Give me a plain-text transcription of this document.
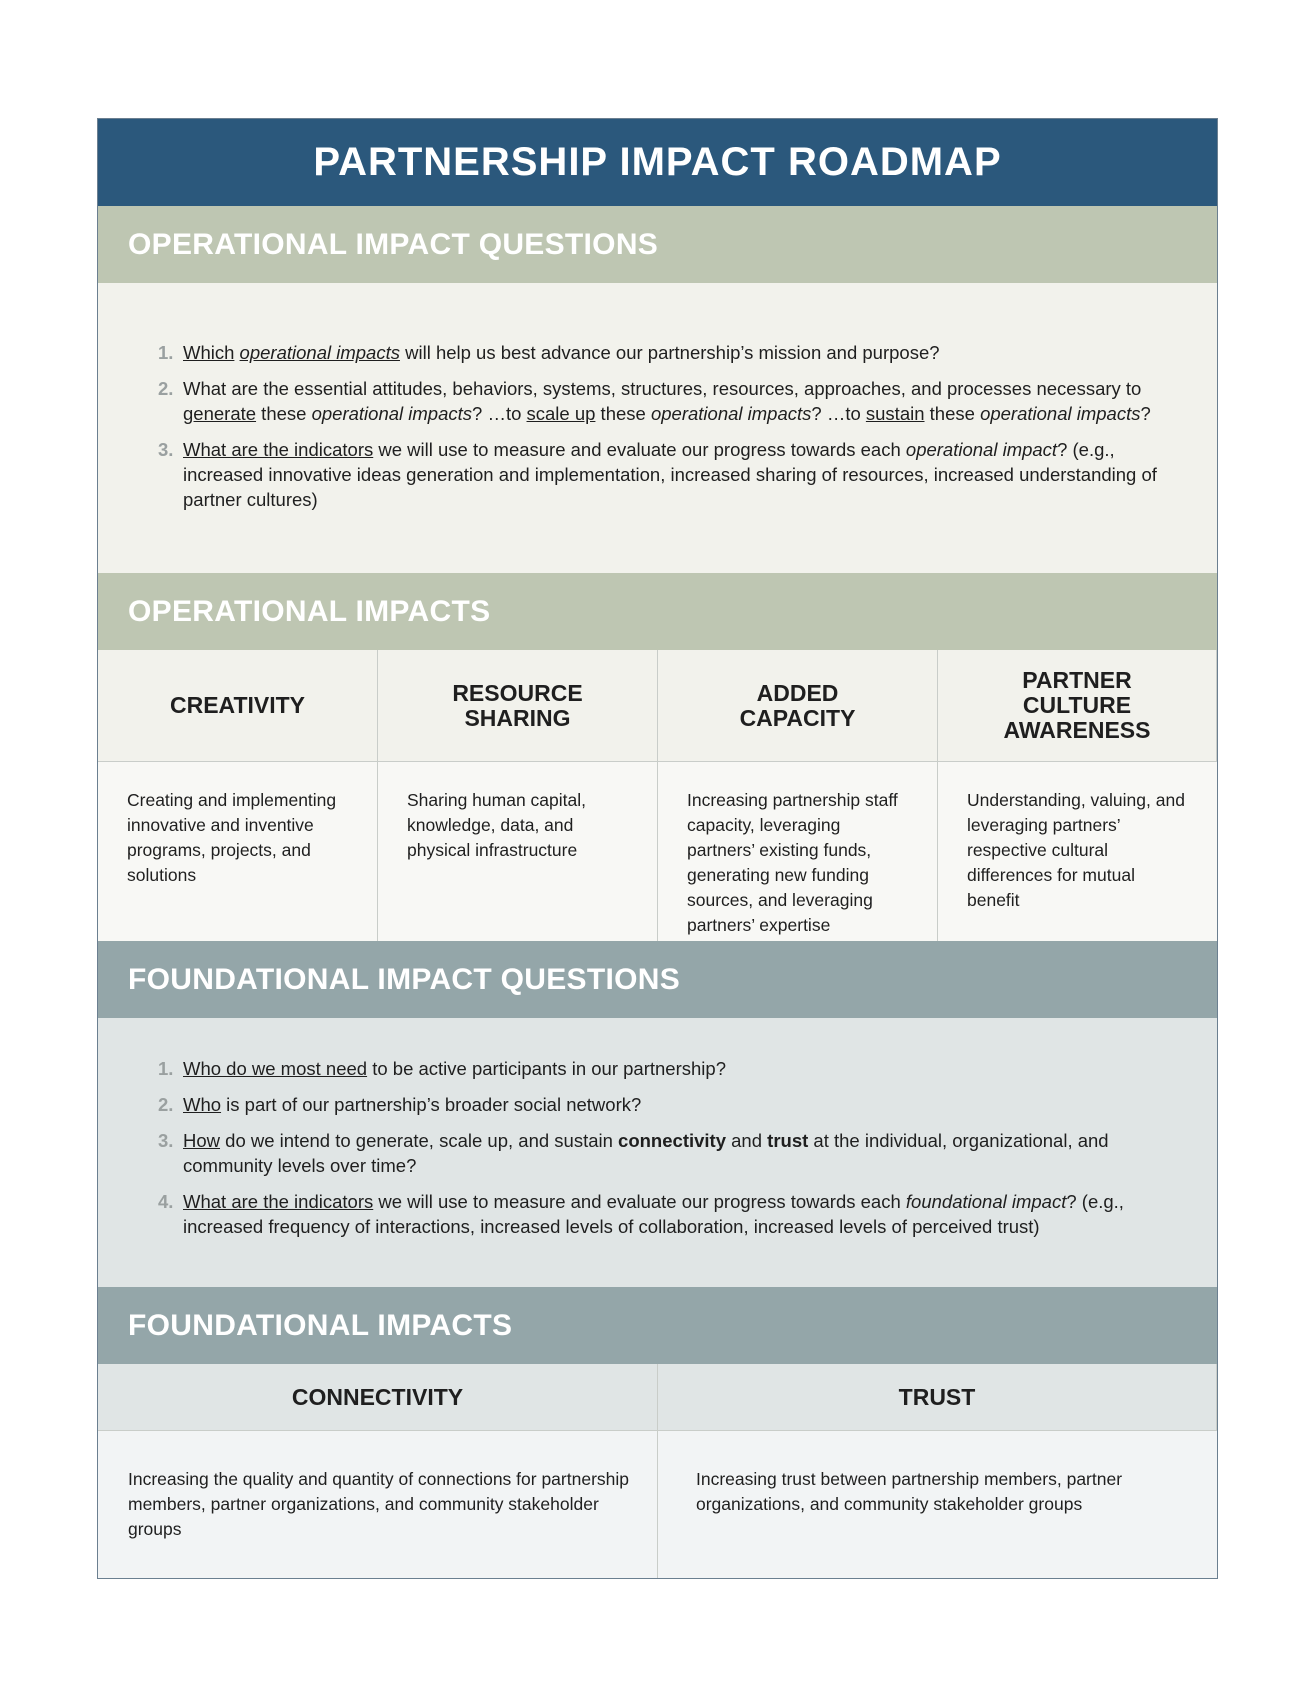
PARTNERSHIP IMPACT ROADMAP
OPERATIONAL IMPACT QUESTIONS
1. Which operational impacts will help us best advance our partnership’s mission and purpose?
2. What are the essential attitudes, behaviors, systems, structures, resources, approaches, and processes necessary to generate these operational impacts? …to scale up these operational impacts? …to sustain these operational impacts?
3. What are the indicators we will use to measure and evaluate our progress towards each operational impact? (e.g., increased innovative ideas generation and implementation, increased sharing of resources, increased understanding of partner cultures)
OPERATIONAL IMPACTS
CREATIVITY	RESOURCE SHARING
ADDED CAPACITY
PARTNER CULTURE AWARENESS
Creating and implementing innovative and inventive programs, projects, and solutions
Sharing human capital, knowledge, data, and physical infrastructure
Increasing partnership staff capacity, leveraging partners’ existing funds, generating new funding sources, and leveraging partners’ expertise
Understanding, valuing, and leveraging partners’ respective cultural differences for mutual benefit
FOUNDATIONAL IMPACT QUESTIONS
1. Who do we most need to be active participants in our partnership?
2. Who is part of our partnership’s broader social network?
3. How do we intend to generate, scale up, and sustain connectivity and trust at the individual, organizational, and community levels over time?
4. What are the indicators we will use to measure and evaluate our progress towards each foundational impact? (e.g., increased frequency of interactions, increased levels of collaboration, increased levels of perceived trust)
FOUNDATIONAL IMPACTS
CONNECTIVITY	TRUST
Increasing the quality and quantity of connections for partnership members, partner organizations, and community stakeholder groups
Increasing trust between partnership members, partner organizations, and community stakeholder groups
